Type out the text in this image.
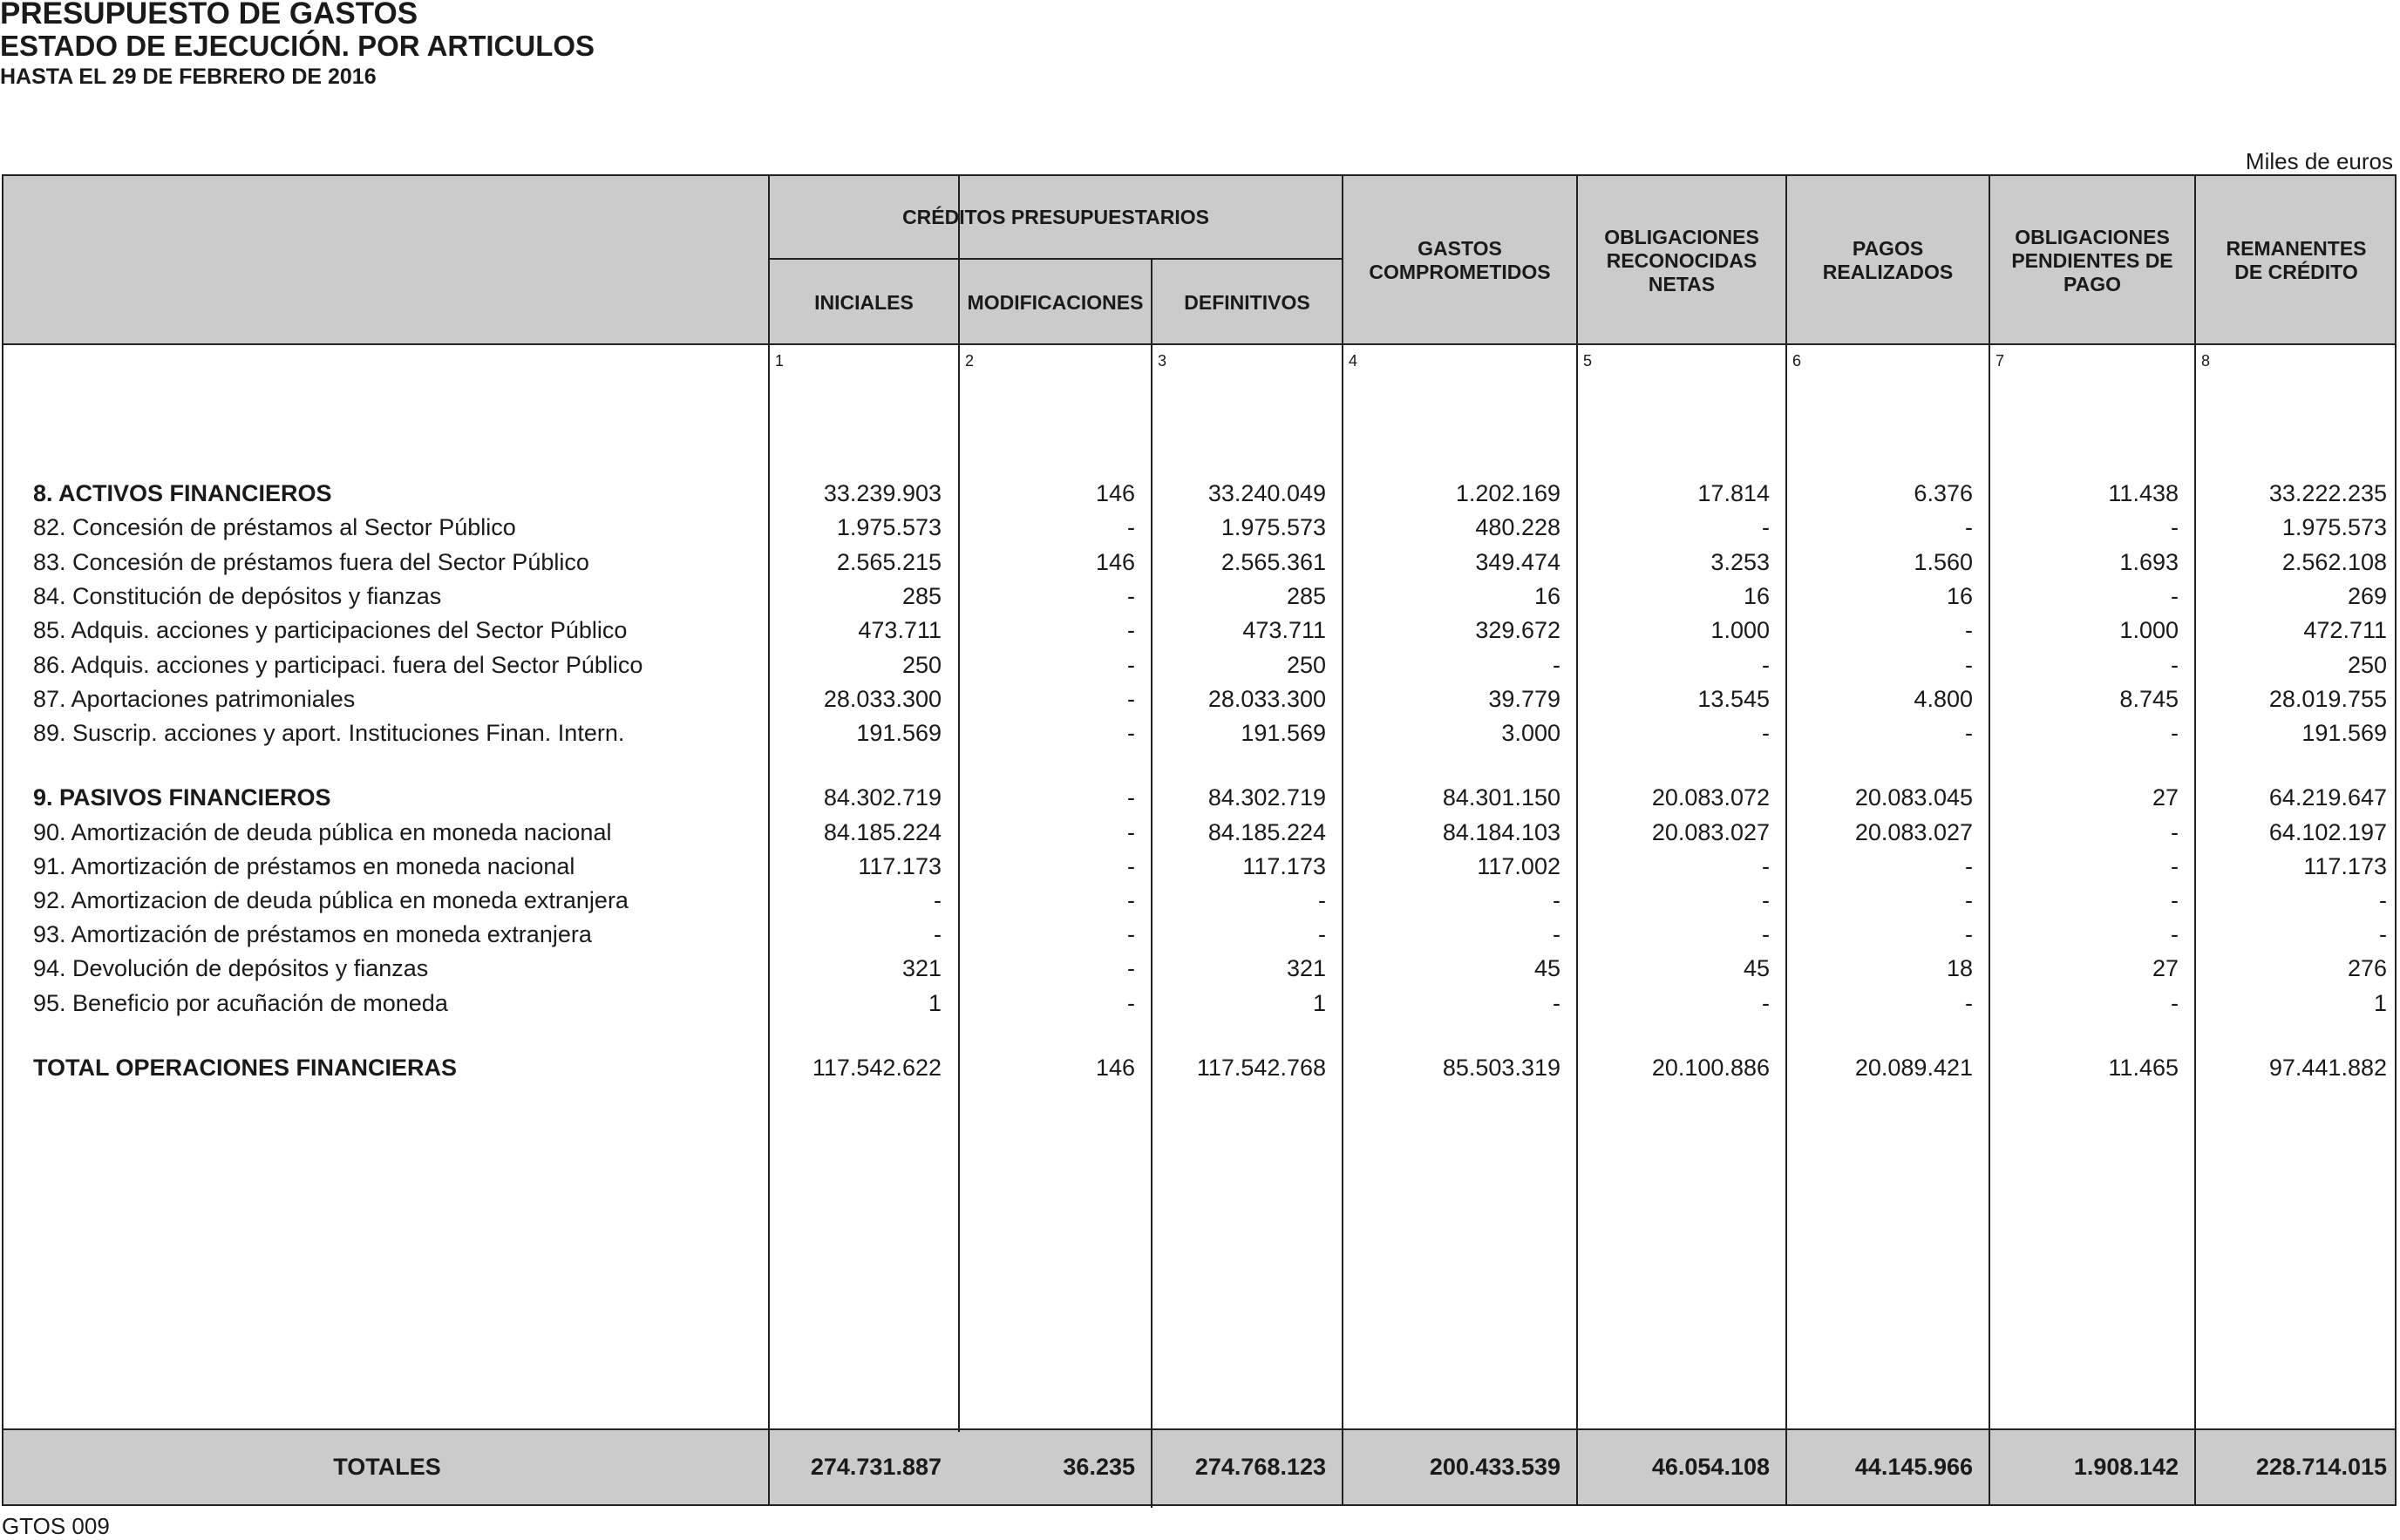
PRESUPUESTO DE GASTOS
ESTADO DE EJECUCIÓN. POR ARTICULOS
HASTA EL 29 DE FEBRERO DE 2016
Miles de euros
CRÉDITOS PRESUPUESTARIOS
INICIALES	MODIFICACIONES	DEFINITIVOS
GASTOS COMPROMETIDOS
OBLIGACIONES RECONOCIDAS NETAS
PAGOS REALIZADOS
OBLIGACIONES PENDIENTES DE PAGO
REMANENTES DE CRÉDITO
1	2	3	4	5	6	7	8
8. ACTIVOS FINANCIEROS	33.239.903	146	33.240.049	1.202.169	17.814	6.376	11.438	33.222.235
82. Concesión de préstamos al Sector Público	1.975.573	-	1.975.573	480.228	-	-	-	1.975.573
83. Concesión de préstamos fuera del Sector Público	2.565.215	146	2.565.361	349.474	3.253	1.560	1.693	2.562.108
84. Constitución de depósitos y fianzas	285	-	285	16	16	16	-	269
85. Adquis. acciones y participaciones del Sector Público	473.711	-	473.711	329.672	1.000	-	1.000	472.711
86. Adquis. acciones y participaci. fuera del Sector Público	250	-	250	-	-	-	-	250
87. Aportaciones patrimoniales	28.033.300	-	28.033.300	39.779	13.545	4.800	8.745	28.019.755
89. Suscrip. acciones y aport. Instituciones Finan. Intern.	191.569	-	191.569	3.000	-	-	-	191.569
9. PASIVOS FINANCIEROS	84.302.719	-	84.302.719	84.301.150	20.083.072	20.083.045	27	64.219.647
90. Amortización de deuda pública en moneda nacional	84.185.224	-	84.185.224	84.184.103	20.083.027	20.083.027	-	64.102.197
91. Amortización de préstamos en moneda nacional	117.173	-	117.173	117.002	-	-	-	117.173
92. Amortizacion de deuda pública en moneda extranjera	-	-	-	-	-	-	-	-
93. Amortización de préstamos en moneda extranjera	-	-	-	-	-	-	-	-
94. Devolución de depósitos y fianzas	321	-	321	45	45	18	27	276
95. Beneficio por acuñación de moneda	1	-	1	-	-	-	-	1
TOTAL OPERACIONES FINANCIERAS	117.542.622	146	117.542.768	85.503.319	20.100.886	20.089.421	11.465	97.441.882
TOTALES	274.731.887	36.235	274.768.123	200.433.539	46.054.108	44.145.966	1.908.142	228.714.015
GTOS 009
